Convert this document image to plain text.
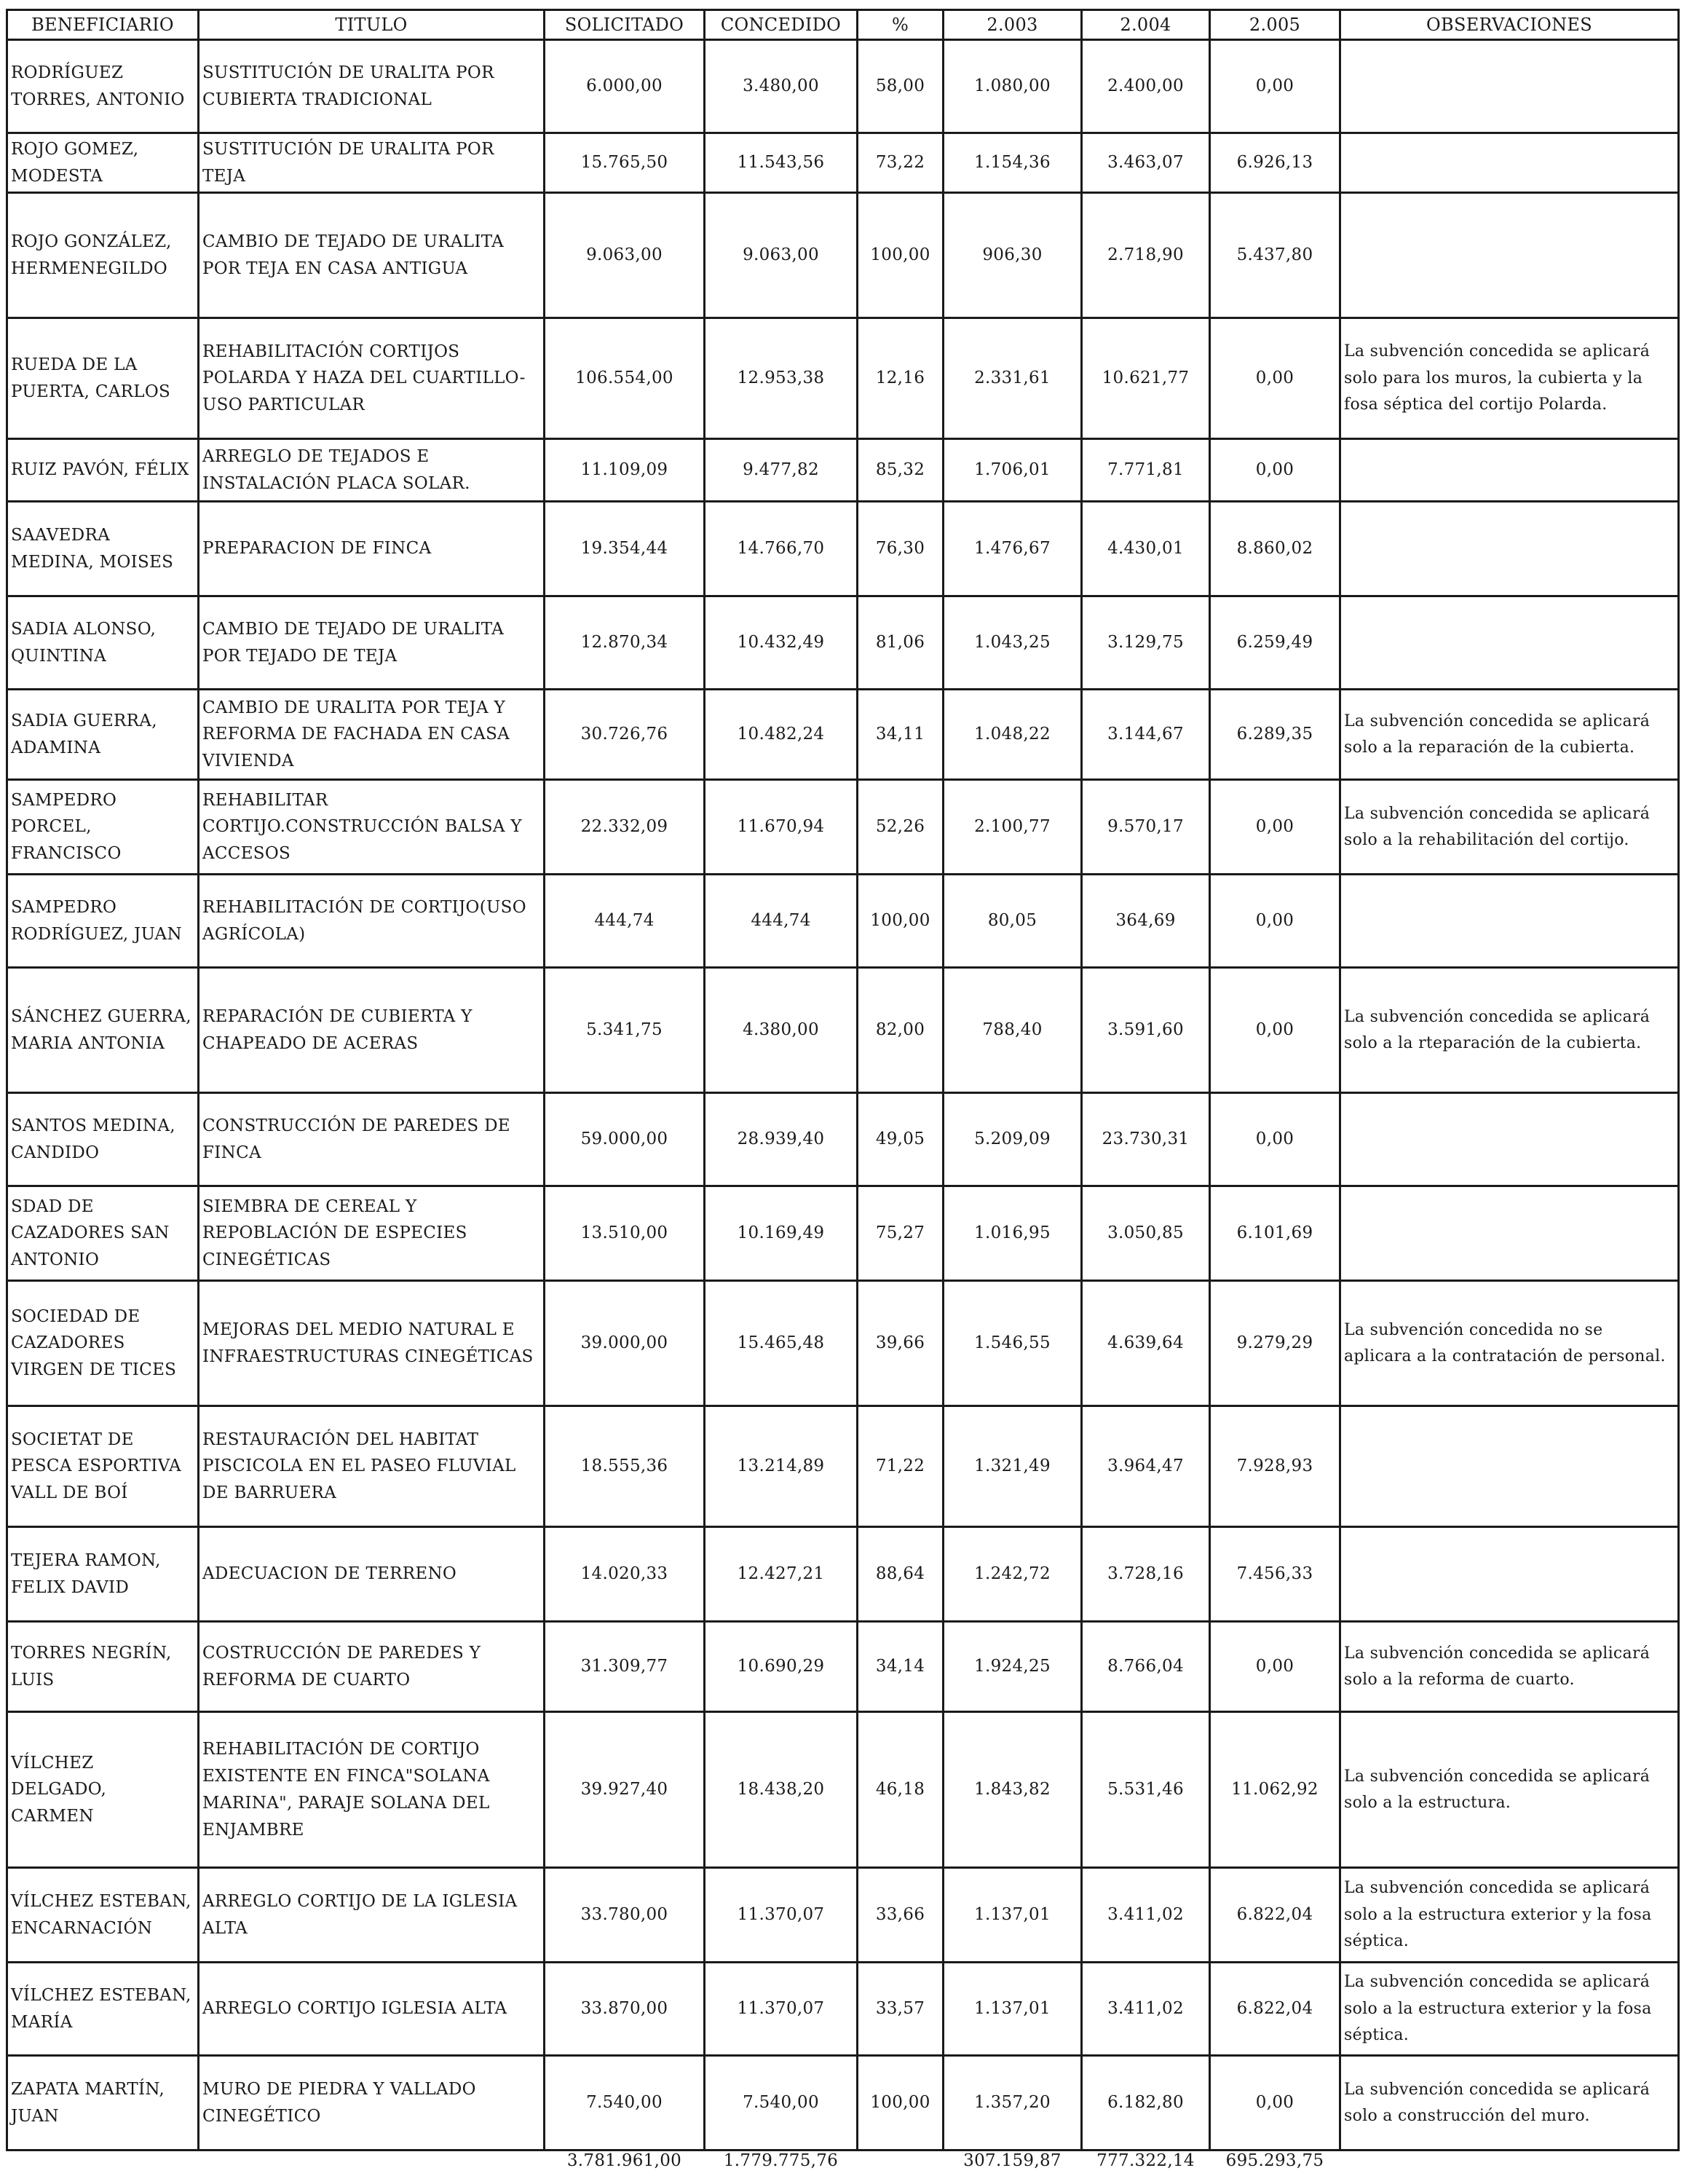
BENEFICIARIO	TITULO	SOLICITADO	CONCEDIDO	%	2.003	2.004	2.005	OBSERVACIONES
RODRÍGUEZ TORRES, ANTONIO	SUSTITUCIÓN DE URALITA POR CUBIERTA TRADICIONAL	6.000,00	3.480,00	58,00	1.080,00	2.400,00	0,00	
ROJO GOMEZ, MODESTA	SUSTITUCIÓN DE URALITA POR TEJA	15.765,50	11.543,56	73,22	1.154,36	3.463,07	6.926,13	
ROJO GONZÁLEZ, HERMENEGILDO	CAMBIO DE TEJADO DE URALITA POR TEJA EN CASA ANTIGUA	9.063,00	9.063,00	100,00	906,30	2.718,90	5.437,80	
RUEDA DE LA PUERTA, CARLOS	REHABILITACIÓN CORTIJOS POLARDA Y HAZA DEL CUARTILLO-USO PARTICULAR	106.554,00	12.953,38	12,16	2.331,61	10.621,77	0,00	La subvención concedida se aplicará solo para los muros, la cubierta y la fosa séptica del cortijo Polarda.
RUIZ PAVÓN, FÉLIX	ARREGLO DE TEJADOS E INSTALACIÓN PLACA SOLAR.	11.109,09	9.477,82	85,32	1.706,01	7.771,81	0,00	
SAAVEDRA MEDINA, MOISES	PREPARACION DE FINCA	19.354,44	14.766,70	76,30	1.476,67	4.430,01	8.860,02	
SADIA ALONSO, QUINTINA	CAMBIO DE TEJADO DE URALITA POR TEJADO DE TEJA	12.870,34	10.432,49	81,06	1.043,25	3.129,75	6.259,49	
SADIA GUERRA, ADAMINA	CAMBIO DE URALITA POR TEJA Y REFORMA DE FACHADA EN CASA VIVIENDA	30.726,76	10.482,24	34,11	1.048,22	3.144,67	6.289,35	La subvención concedida se aplicará solo a la reparación de la cubierta.
SAMPEDRO PORCEL, FRANCISCO	REHABILITAR CORTIJO.CONSTRUCCIÓN BALSA Y ACCESOS	22.332,09	11.670,94	52,26	2.100,77	9.570,17	0,00	La subvención concedida se aplicará solo a la rehabilitación del cortijo.
SAMPEDRO RODRÍGUEZ, JUAN	REHABILITACIÓN DE CORTIJO(USO AGRÍCOLA)	444,74	444,74	100,00	80,05	364,69	0,00	
SÁNCHEZ GUERRA, MARIA ANTONIA	REPARACIÓN DE CUBIERTA Y CHAPEADO DE ACERAS	5.341,75	4.380,00	82,00	788,40	3.591,60	0,00	La subvención concedida se aplicará solo a la rteparación de la cubierta.
SANTOS MEDINA, CANDIDO	CONSTRUCCIÓN DE PAREDES DE FINCA	59.000,00	28.939,40	49,05	5.209,09	23.730,31	0,00	
SDAD DE CAZADORES SAN ANTONIO	SIEMBRA DE CEREAL Y REPOBLACIÓN DE ESPECIES CINEGÉTICAS	13.510,00	10.169,49	75,27	1.016,95	3.050,85	6.101,69	
SOCIEDAD DE CAZADORES VIRGEN DE TICES	MEJORAS DEL MEDIO NATURAL E INFRAESTRUCTURAS CINEGÉTICAS	39.000,00	15.465,48	39,66	1.546,55	4.639,64	9.279,29	La subvención concedida no se aplicara a la contratación de personal.
SOCIETAT DE PESCA ESPORTIVA VALL DE BOÍ	RESTAURACIÓN DEL HABITAT PISCICOLA EN EL PASEO FLUVIAL DE BARRUERA	18.555,36	13.214,89	71,22	1.321,49	3.964,47	7.928,93	
TEJERA RAMON, FELIX DAVID	ADECUACION DE TERRENO	14.020,33	12.427,21	88,64	1.242,72	3.728,16	7.456,33	
TORRES NEGRÍN, LUIS	COSTRUCCIÓN DE PAREDES Y REFORMA DE CUARTO	31.309,77	10.690,29	34,14	1.924,25	8.766,04	0,00	La subvención concedida se aplicará solo a la reforma de cuarto.
VÍLCHEZ DELGADO, CARMEN	REHABILITACIÓN DE CORTIJO EXISTENTE EN FINCA"SOLANA MARINA", PARAJE SOLANA DEL ENJAMBRE	39.927,40	18.438,20	46,18	1.843,82	5.531,46	11.062,92	La subvención concedida se aplicará solo a la estructura.
VÍLCHEZ ESTEBAN, ENCARNACIÓN	ARREGLO CORTIJO DE LA IGLESIA ALTA	33.780,00	11.370,07	33,66	1.137,01	3.411,02	6.822,04	La subvención concedida se aplicará solo a la estructura exterior y la fosa séptica.
VÍLCHEZ ESTEBAN, MARÍA	ARREGLO CORTIJO IGLESIA ALTA	33.870,00	11.370,07	33,57	1.137,01	3.411,02	6.822,04	La subvención concedida se aplicará solo a la estructura exterior y la fosa séptica.
ZAPATA MARTÍN, JUAN	MURO DE PIEDRA Y VALLADO CINEGÉTICO	7.540,00	7.540,00	100,00	1.357,20	6.182,80	0,00	La subvención concedida se aplicará solo a construcción del muro.
		3.781.961,00	1.779.775,76		307.159,87	777.322,14	695.293,75	
